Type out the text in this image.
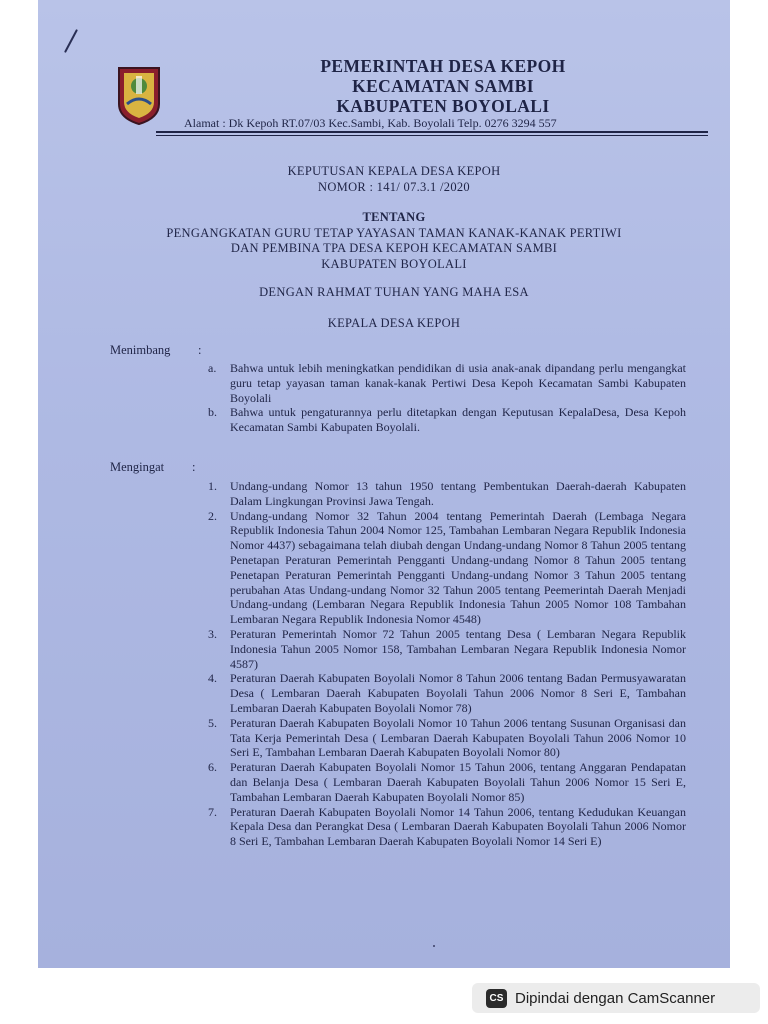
PEMERINTAH DESA KEPOH
KECAMATAN SAMBI
KABUPATEN BOYOLALI
Alamat : Dk Kepoh RT.07/03 Kec.Sambi, Kab. Boyolali Telp. 0276 3294 557
KEPUTUSAN KEPALA DESA KEPOH
NOMOR : 141/ 07.3.1 /2020
TENTANG
PENGANGKATAN GURU TETAP YAYASAN TAMAN KANAK-KANAK PERTIWI
DAN PEMBINA TPA DESA KEPOH KECAMATAN SAMBI
KABUPATEN BOYOLALI
DENGAN RAHMAT TUHAN YANG MAHA ESA
KEPALA DESA KEPOH
Menimbang :
a. Bahwa untuk lebih meningkatkan pendidikan di usia anak-anak dipandang perlu mengangkat guru tetap yayasan taman kanak-kanak Pertiwi Desa Kepoh Kecamatan Sambi Kabupaten Boyolali
b. Bahwa untuk pengaturannya perlu ditetapkan dengan Keputusan KepalaDesa, Desa Kepoh Kecamatan Sambi Kabupaten Boyolali.
Mengingat :
1. Undang-undang Nomor 13 tahun 1950 tentang Pembentukan Daerah-daerah Kabupaten Dalam Lingkungan Provinsi Jawa Tengah.
2. Undang-undang Nomor 32 Tahun 2004 tentang Pemerintah Daerah (Lembaga Negara Republik Indonesia Tahun 2004 Nomor 125, Tambahan Lembaran Negara Republik Indonesia Nomor 4437) sebagaimana telah diubah dengan Undang-undang Nomor 8 Tahun 2005 tentang Penetapan Peraturan Pemerintah Pengganti Undang-undang Nomor 8 Tahun 2005 tentang Penetapan Peraturan Pemerintah Pengganti Undang-undang Nomor 3 Tahun 2005 tentang perubahan Atas Undang-undang Nomor 32 Tahun 2005 tentang Peemerintah Daerah Menjadi Undang-undang (Lembaran Negara Republik Indonesia Tahun 2005 Nomor 108 Tambahan Lembaran Negara Republik Indonesia Nomor 4548)
3. Peraturan Pemerintah Nomor 72 Tahun 2005 tentang Desa ( Lembaran Negara Republik Indonesia Tahun 2005 Nomor 158, Tambahan Lembaran Negara Republik Indonesia Nomor 4587)
4. Peraturan Daerah Kabupaten Boyolali Nomor 8 Tahun 2006 tentang Badan Permusyawaratan Desa ( Lembaran Daerah Kabupaten Boyolali Tahun 2006 Nomor 8 Seri E, Tambahan Lembaran Daerah Kabupaten Boyolali Nomor 78)
5. Peraturan Daerah Kabupaten Boyolali Nomor 10 Tahun 2006 tentang Susunan Organisasi dan Tata Kerja Pemerintah Desa ( Lembaran Daerah Kabupaten Boyolali Tahun 2006 Nomor 10 Seri E, Tambahan Lembaran Daerah Kabupaten Boyolali Nomor 80)
6. Peraturan Daerah Kabupaten Boyolali Nomor 15 Tahun 2006, tentang Anggaran Pendapatan dan Belanja Desa ( Lembaran Daerah Kabupaten Boyolali Tahun 2006 Nomor 15 Seri E, Tambahan Lembaran Daerah Kabupaten Boyolali Nomor 85)
7. Peraturan Daerah Kabupaten Boyolali Nomor 14 Tahun 2006, tentang Kedudukan Keuangan Kepala Desa dan Perangkat Desa ( Lembaran Daerah Kabupaten Boyolali Tahun 2006 Nomor 8 Seri E, Tambahan Lembaran Daerah Kabupaten Boyolali Nomor 14 Seri E)
CS Dipindai dengan CamScanner
